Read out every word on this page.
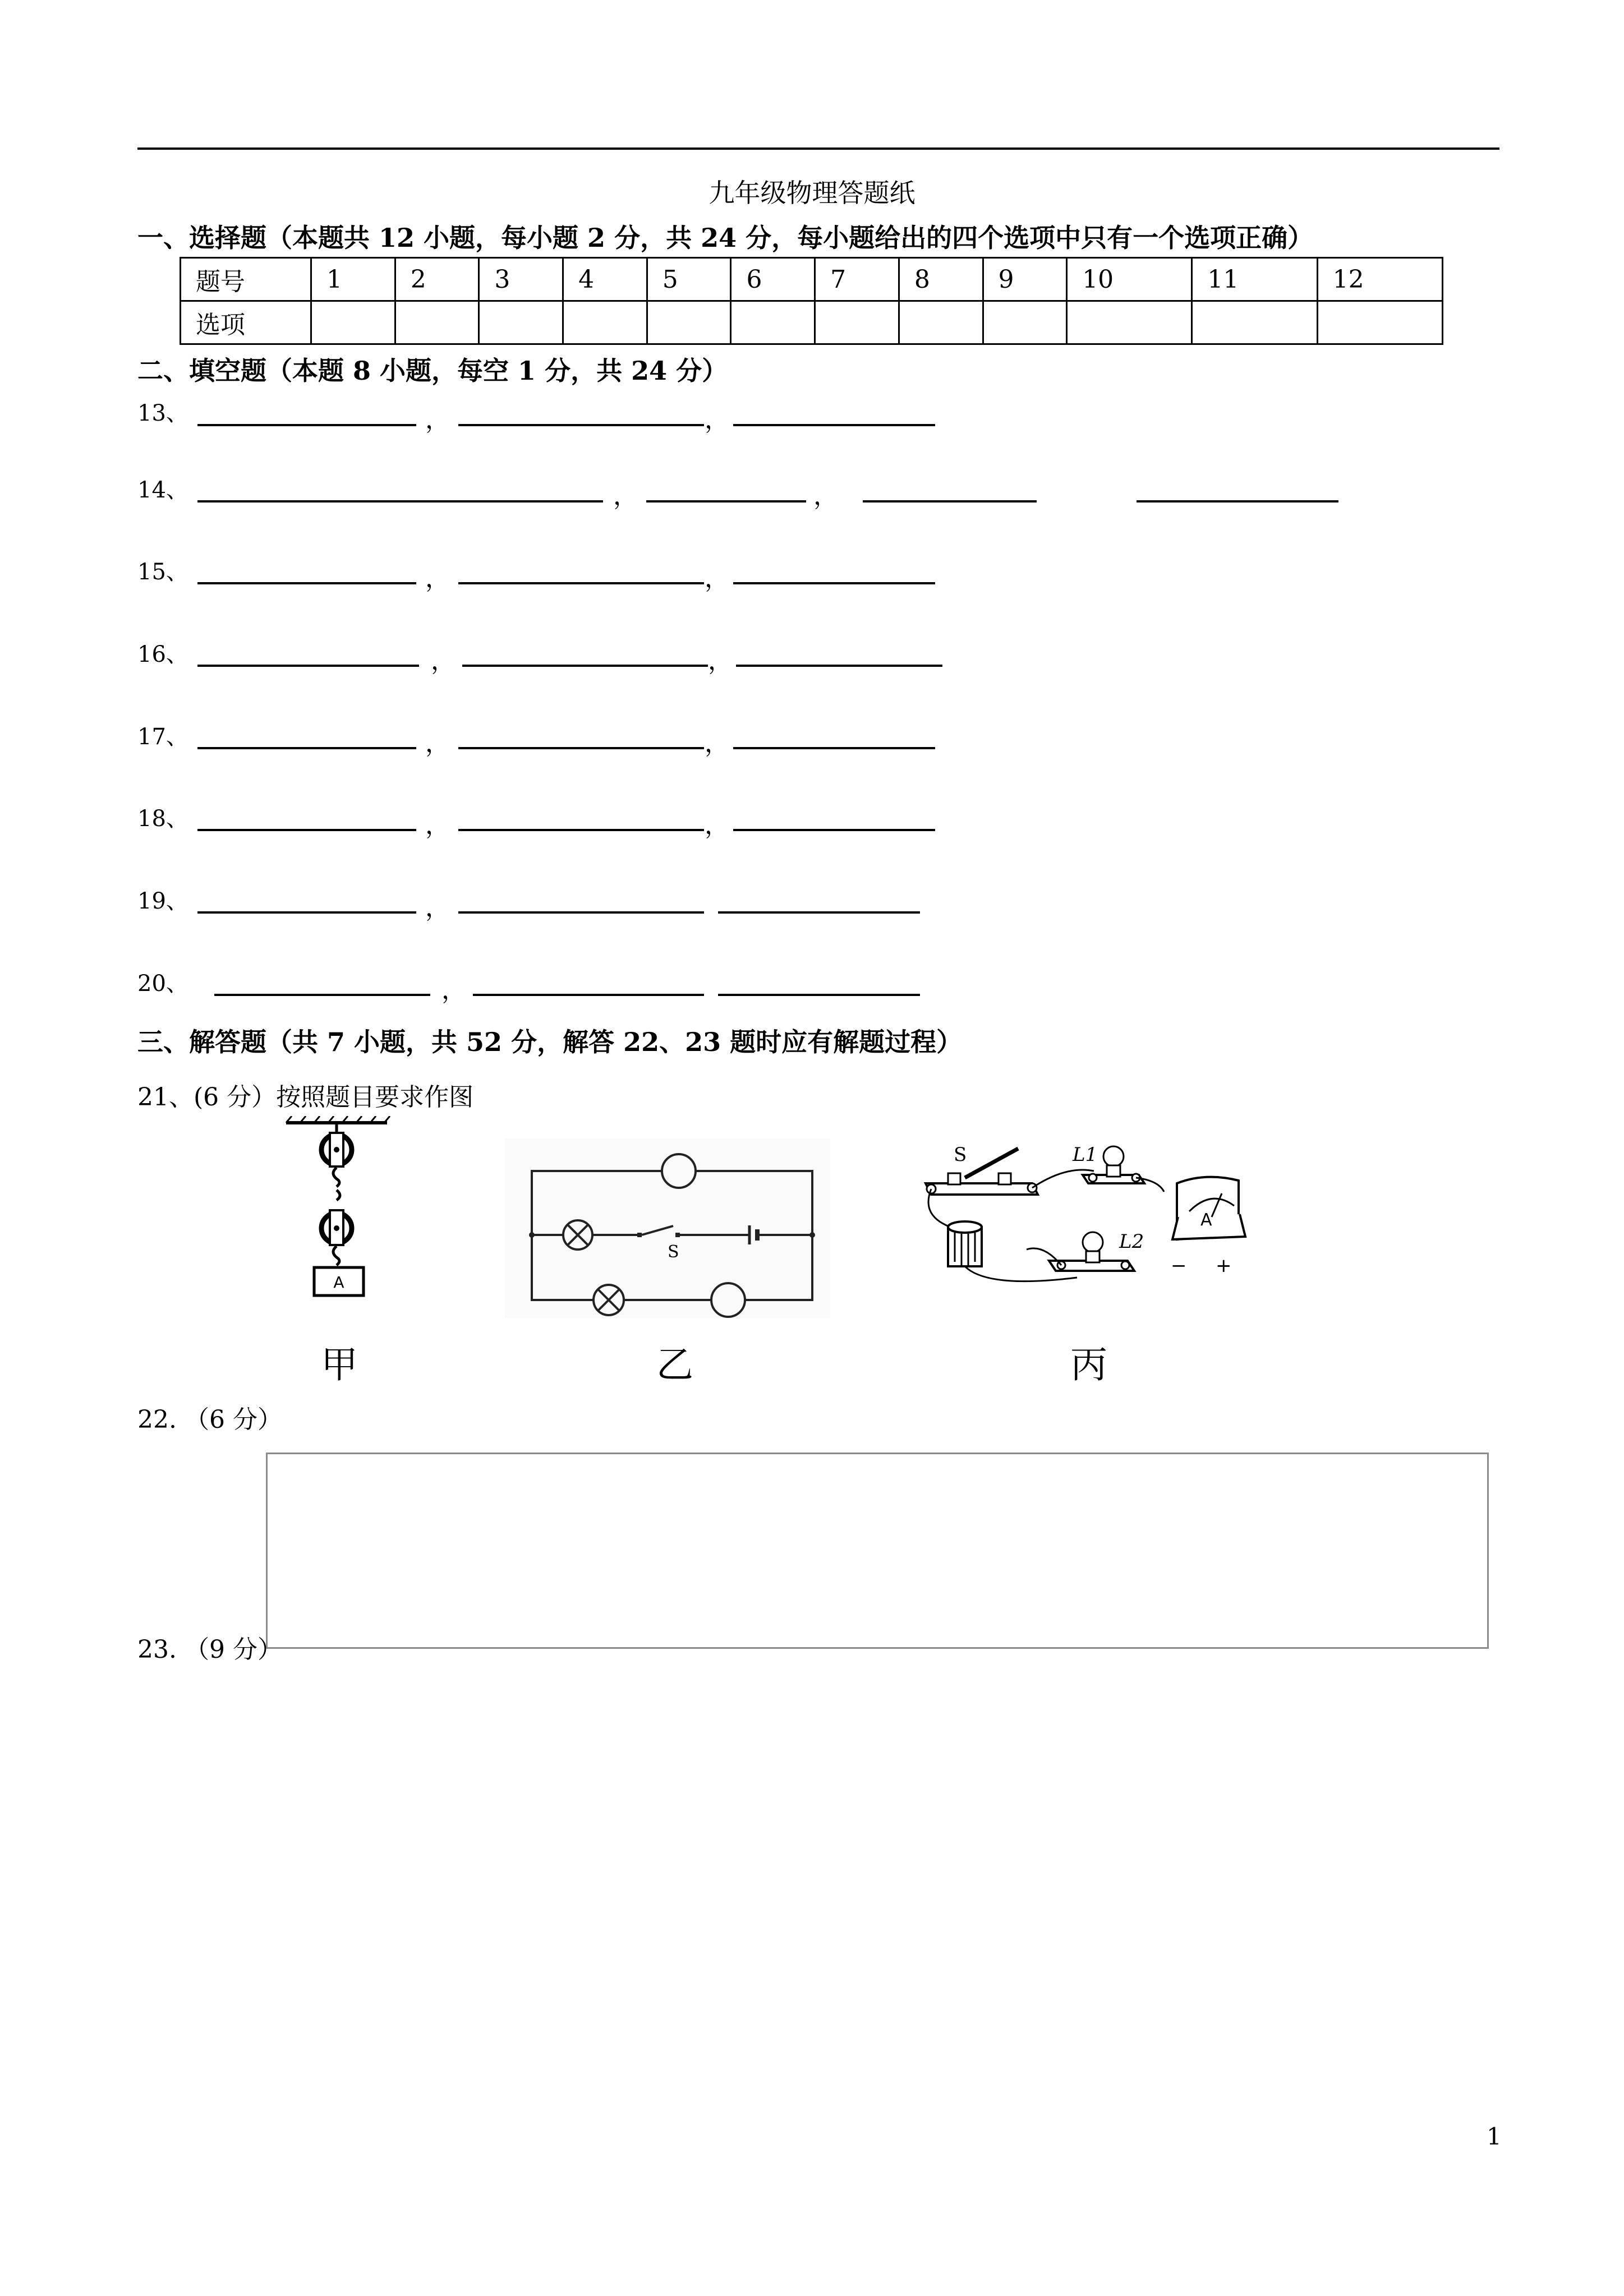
九年级物理答题纸
一、选择题（本题共 12 小题，每小题 2 分，共 24 分，每小题给出的四个选项中只有一个选项正确）
题号	1	2	3	4	5	6	7	8	9	10	11	12
选项												
二、填空题（本题 8 小题，每空 1 分，共 24 分）
13、	，	，
14、	，	，
15、	，	，
16、	，	，
17、	，	，
18、	，	，
19、	，
20、	，
三、解答题（共 7 小题，共 52 分，解答 22、23 题时应有解题过程）
21、(6 分）按照题目要求作图
A
S
S	L1
L2
A
− +
甲	乙	丙
22. （6 分）
23. （9 分）
1
